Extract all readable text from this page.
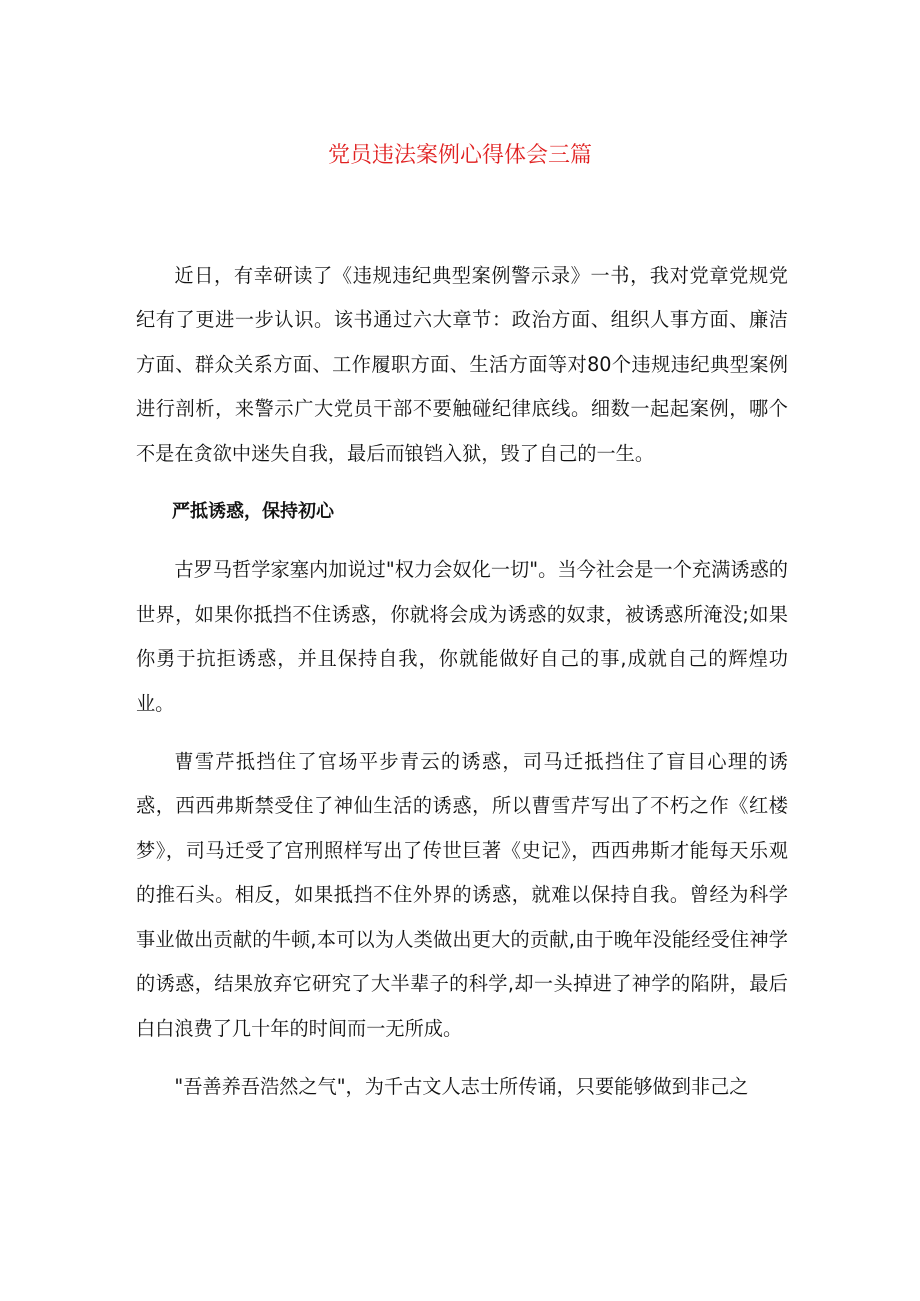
党员违法案例心得体会三篇

近日，有幸研读了《违规违纪典型案例警示录》一书，我对党章党规党纪有了更进一步认识。该书通过六大章节：政治方面、组织人事方面、廉洁方面、群众关系方面、工作履职方面、生活方面等对80个违规违纪典型案例进行剖析，来警示广大党员干部不要触碰纪律底线。细数一起起案例，哪个不是在贪欲中迷失自我，最后而锒铛入狱，毁了自己的一生。

严抵诱惑，保持初心

古罗马哲学家塞内加说过"权力会奴化一切"。当今社会是一个充满诱惑的世界，如果你抵挡不住诱惑，你就将会成为诱惑的奴隶，被诱惑所淹没;如果你勇于抗拒诱惑，并且保持自我，你就能做好自己的事,成就自己的辉煌功业。

曹雪芹抵挡住了官场平步青云的诱惑，司马迁抵挡住了盲目心理的诱惑，西西弗斯禁受住了神仙生活的诱惑，所以曹雪芹写出了不朽之作《红楼梦》，司马迁受了宫刑照样写出了传世巨著《史记》，西西弗斯才能每天乐观的推石头。相反，如果抵挡不住外界的诱惑，就难以保持自我。曾经为科学事业做出贡献的牛顿,本可以为人类做出更大的贡献,由于晚年没能经受住神学的诱惑，结果放弃它研究了大半辈子的科学,却一头掉进了神学的陷阱，最后白白浪费了几十年的时间而一无所成。

"吾善养吾浩然之气"，为千古文人志士所传诵，只要能够做到非己之
